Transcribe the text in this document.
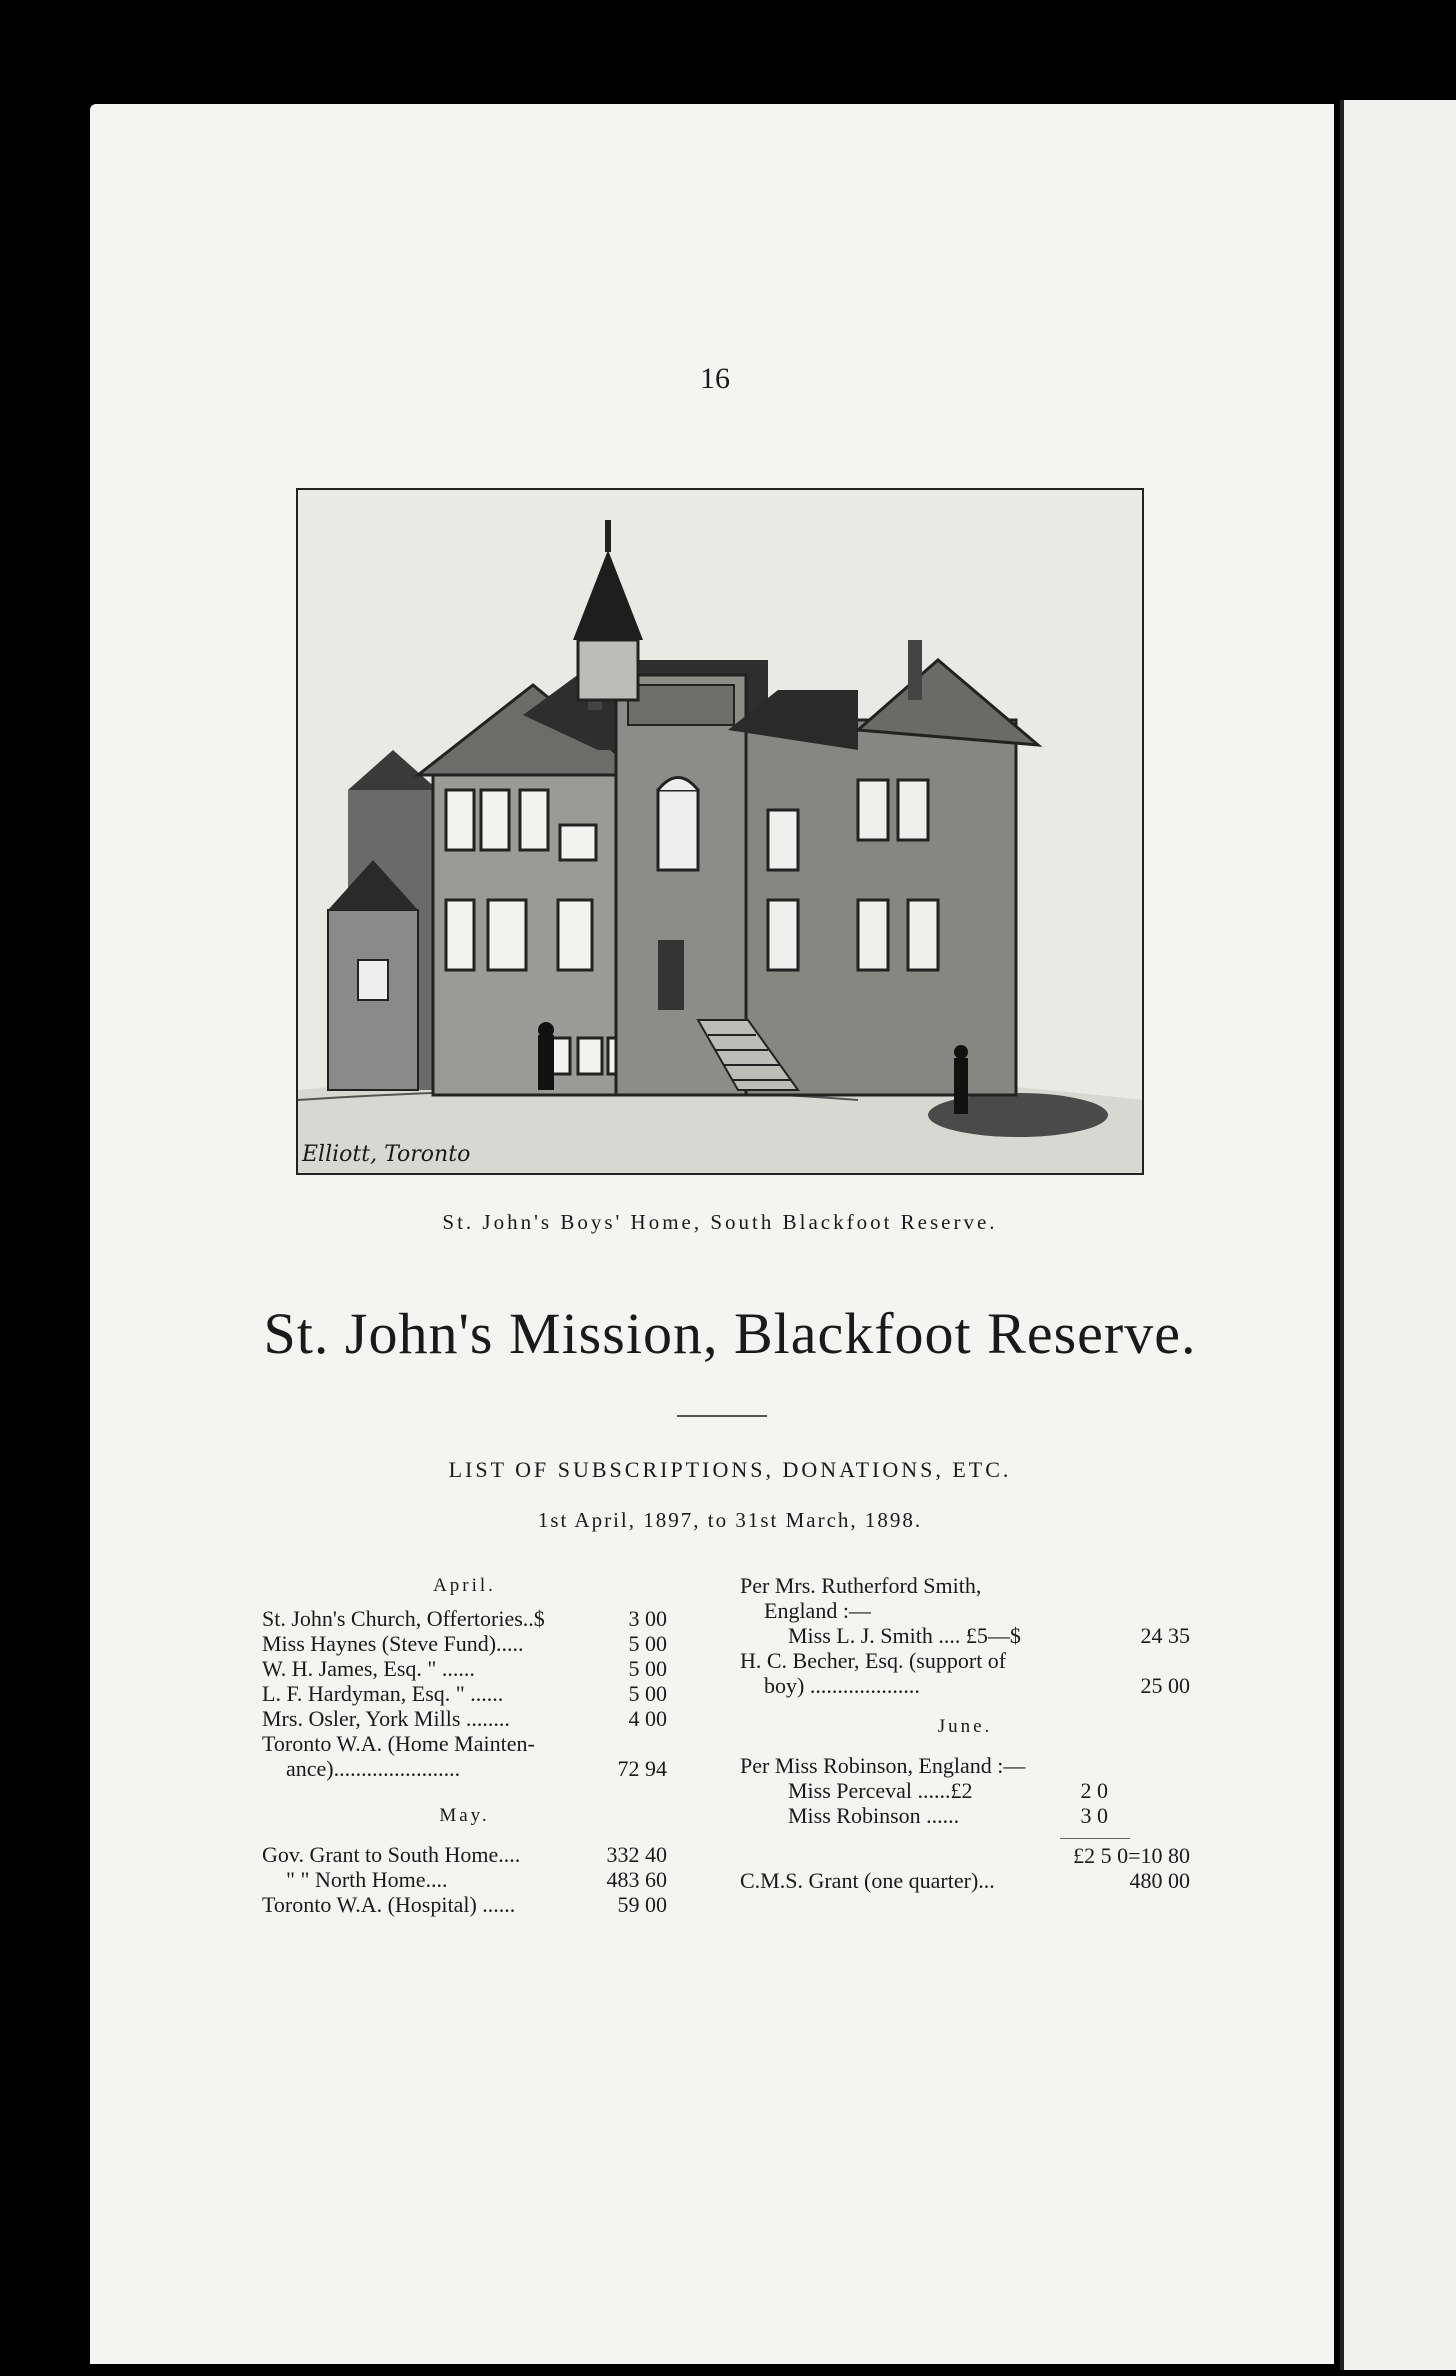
16
Elliott, Toronto
St. John's Boys' Home, South Blackfoot Reserve.
St. John's Mission, Blackfoot Reserve.
LIST OF SUBSCRIPTIONS, DONATIONS, ETC.
1st April, 1897, to 31st March, 1898.
April.
St. John's Church, Offertories..$	3 00
Miss Haynes (Steve Fund).....	5 00
W. H. James, Esq. " ......	5 00
L. F. Hardyman, Esq. " ......	5 00
Mrs. Osler, York Mills ........	4 00
Toronto W.A. (Home Mainten-
ance).......................	72 94
May.
Gov. Grant to South Home....	332 40
" " North Home....	483 60
Toronto W.A. (Hospital) ......	59 00
Per Mrs. Rutherford Smith,
England :—
Miss L. J. Smith .... £5—$	24 35
H. C. Becher, Esq. (support of
boy) ....................	25 00
June.
Per Miss Robinson, England :—
Miss Perceval ......£2	2 0
Miss Robinson ......	3 0
£2 5 0=10 80
C.M.S. Grant (one quarter)...	480 00
